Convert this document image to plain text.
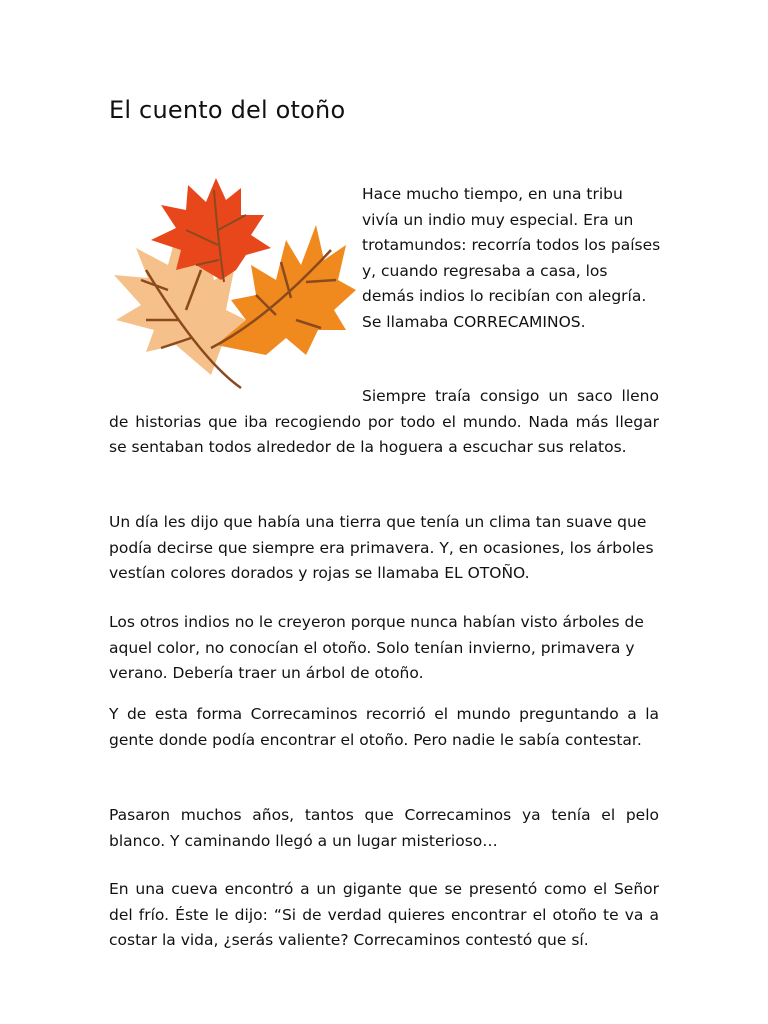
El cuento del otoño

Hace mucho tiempo, en una tribu vivía un indio muy especial. Era un trotamundos: recorría todos los países y, cuando regresaba a casa, los demás indios lo recibían con alegría. Se llamaba CORRECAMINOS.

Siempre traía consigo un saco lleno de historias que iba recogiendo por todo el mundo. Nada más llegar se sentaban todos alrededor de la hoguera a escuchar sus relatos.

Un día les dijo que había una tierra que tenía un clima tan suave que podía decirse que siempre era primavera. Y, en ocasiones, los árboles vestían colores dorados y rojas se llamaba EL OTOÑO.

Los otros indios no le creyeron porque nunca habían visto árboles de aquel color, no conocían el otoño. Solo tenían invierno, primavera y verano. Debería traer un árbol de otoño.

Y de esta forma Correcaminos recorrió el mundo preguntando a la gente donde podía encontrar el otoño. Pero nadie le sabía contestar.

Pasaron muchos años, tantos que Correcaminos ya tenía el pelo blanco. Y caminando llegó a un lugar misterioso…

En una cueva encontró a un gigante que se presentó como el Señor del frío. Éste le dijo: “Si de verdad quieres encontrar el otoño te va a costar la vida, ¿serás valiente? Correcaminos contestó que sí.
